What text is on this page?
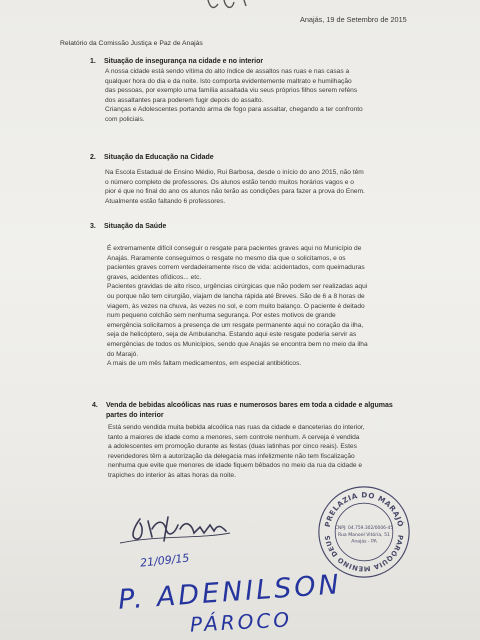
Anajás, 19 de Setembro de 2015
Relatório da Comissão Justiça e Paz de Anajás
1. Situação de insegurança na cidade e no interior

A nossa cidade está sendo vítima do alto índice de assaltos nas ruas e nas casas a

qualquer hora do dia e da noite. Isto comporta evidentemente maltrato e humilhação

das pessoas, por exemplo uma família assaltada viu seus próprios filhos serem reféns

dos assaltantes para poderem fugir depois do assalto.

Crianças e Adolescentes portando arma de fogo para assaltar, chegando a ter confronto

com policiais.

2. Situação da Educação na Cidade

Na Escola Estadual de Ensino Médio, Rui Barbosa, desde o início do ano 2015, não têm

o número completo de professores. Os alunos estão tendo muitos horários vagos e o

pior é que no final do ano os alunos não terão as condições para fazer a prova do Enem.

Atualmente estão faltando 6 professores.

3. Situação da Saúde

É extremamente difícil conseguir o resgate para pacientes graves aqui no Município de

Anajás. Raramente conseguimos o resgate no mesmo dia que o solicitamos, e os

pacientes graves correm verdadeiramente risco de vida: acidentados, com queimaduras

graves, acidentes ofídicos... etc.

Pacientes gravidas de alto risco, urgências cirúrgicas que não podem ser realizadas aqui

ou porque não tem cirurgião, viajam de lancha rápida até Breves. São de 6 a 8 horas de

viagem, às vezes na chuva, às vezes no sol, e com muito balanço. O paciente é deitado

num pequeno colchão sem nenhuma segurança. Por estes motivos de grande

emergência solicitamos a presença de um resgate permanente aqui no coração da ilha,

seja de helicóptero, seja de Ambulancha. Estando aqui este resgate poderia servir as

emergências de todos os Municípios, sendo que Anajás se encontra bem no meio da ilha

do Marajó.

A mais de um mês faltam medicamentos, em especial antibióticos.

4. Venda de bebidas alcoólicas nas ruas e numerosos bares em toda a cidade e algumas
partes do interior

Está sendo vendida muita bebida alcoólica nas ruas da cidade e danceterias do interior,

tanto a maiores de idade como a menores, sem controle nenhum. A cerveja é vendida

a adolescentes em promoção durante as festas (duas latinhas por cinco reais). Estes

revendedores têm a autorização da delegacia mas infelizmente não tem fiscalização

nenhuma que evite que menores de idade fiquem bêbados no meio da rua da cidade e

trapiches do interior às altas horas da noite.

PRELAZIA DO MARAJÓ
PARÓQUIA MENINO DEUS
CNPJ: 04.759.302/0006-45
Rua Manoel Vitória, 51
Anajás - PA
21/09/15
P. ADENILSON
PÁROCO
